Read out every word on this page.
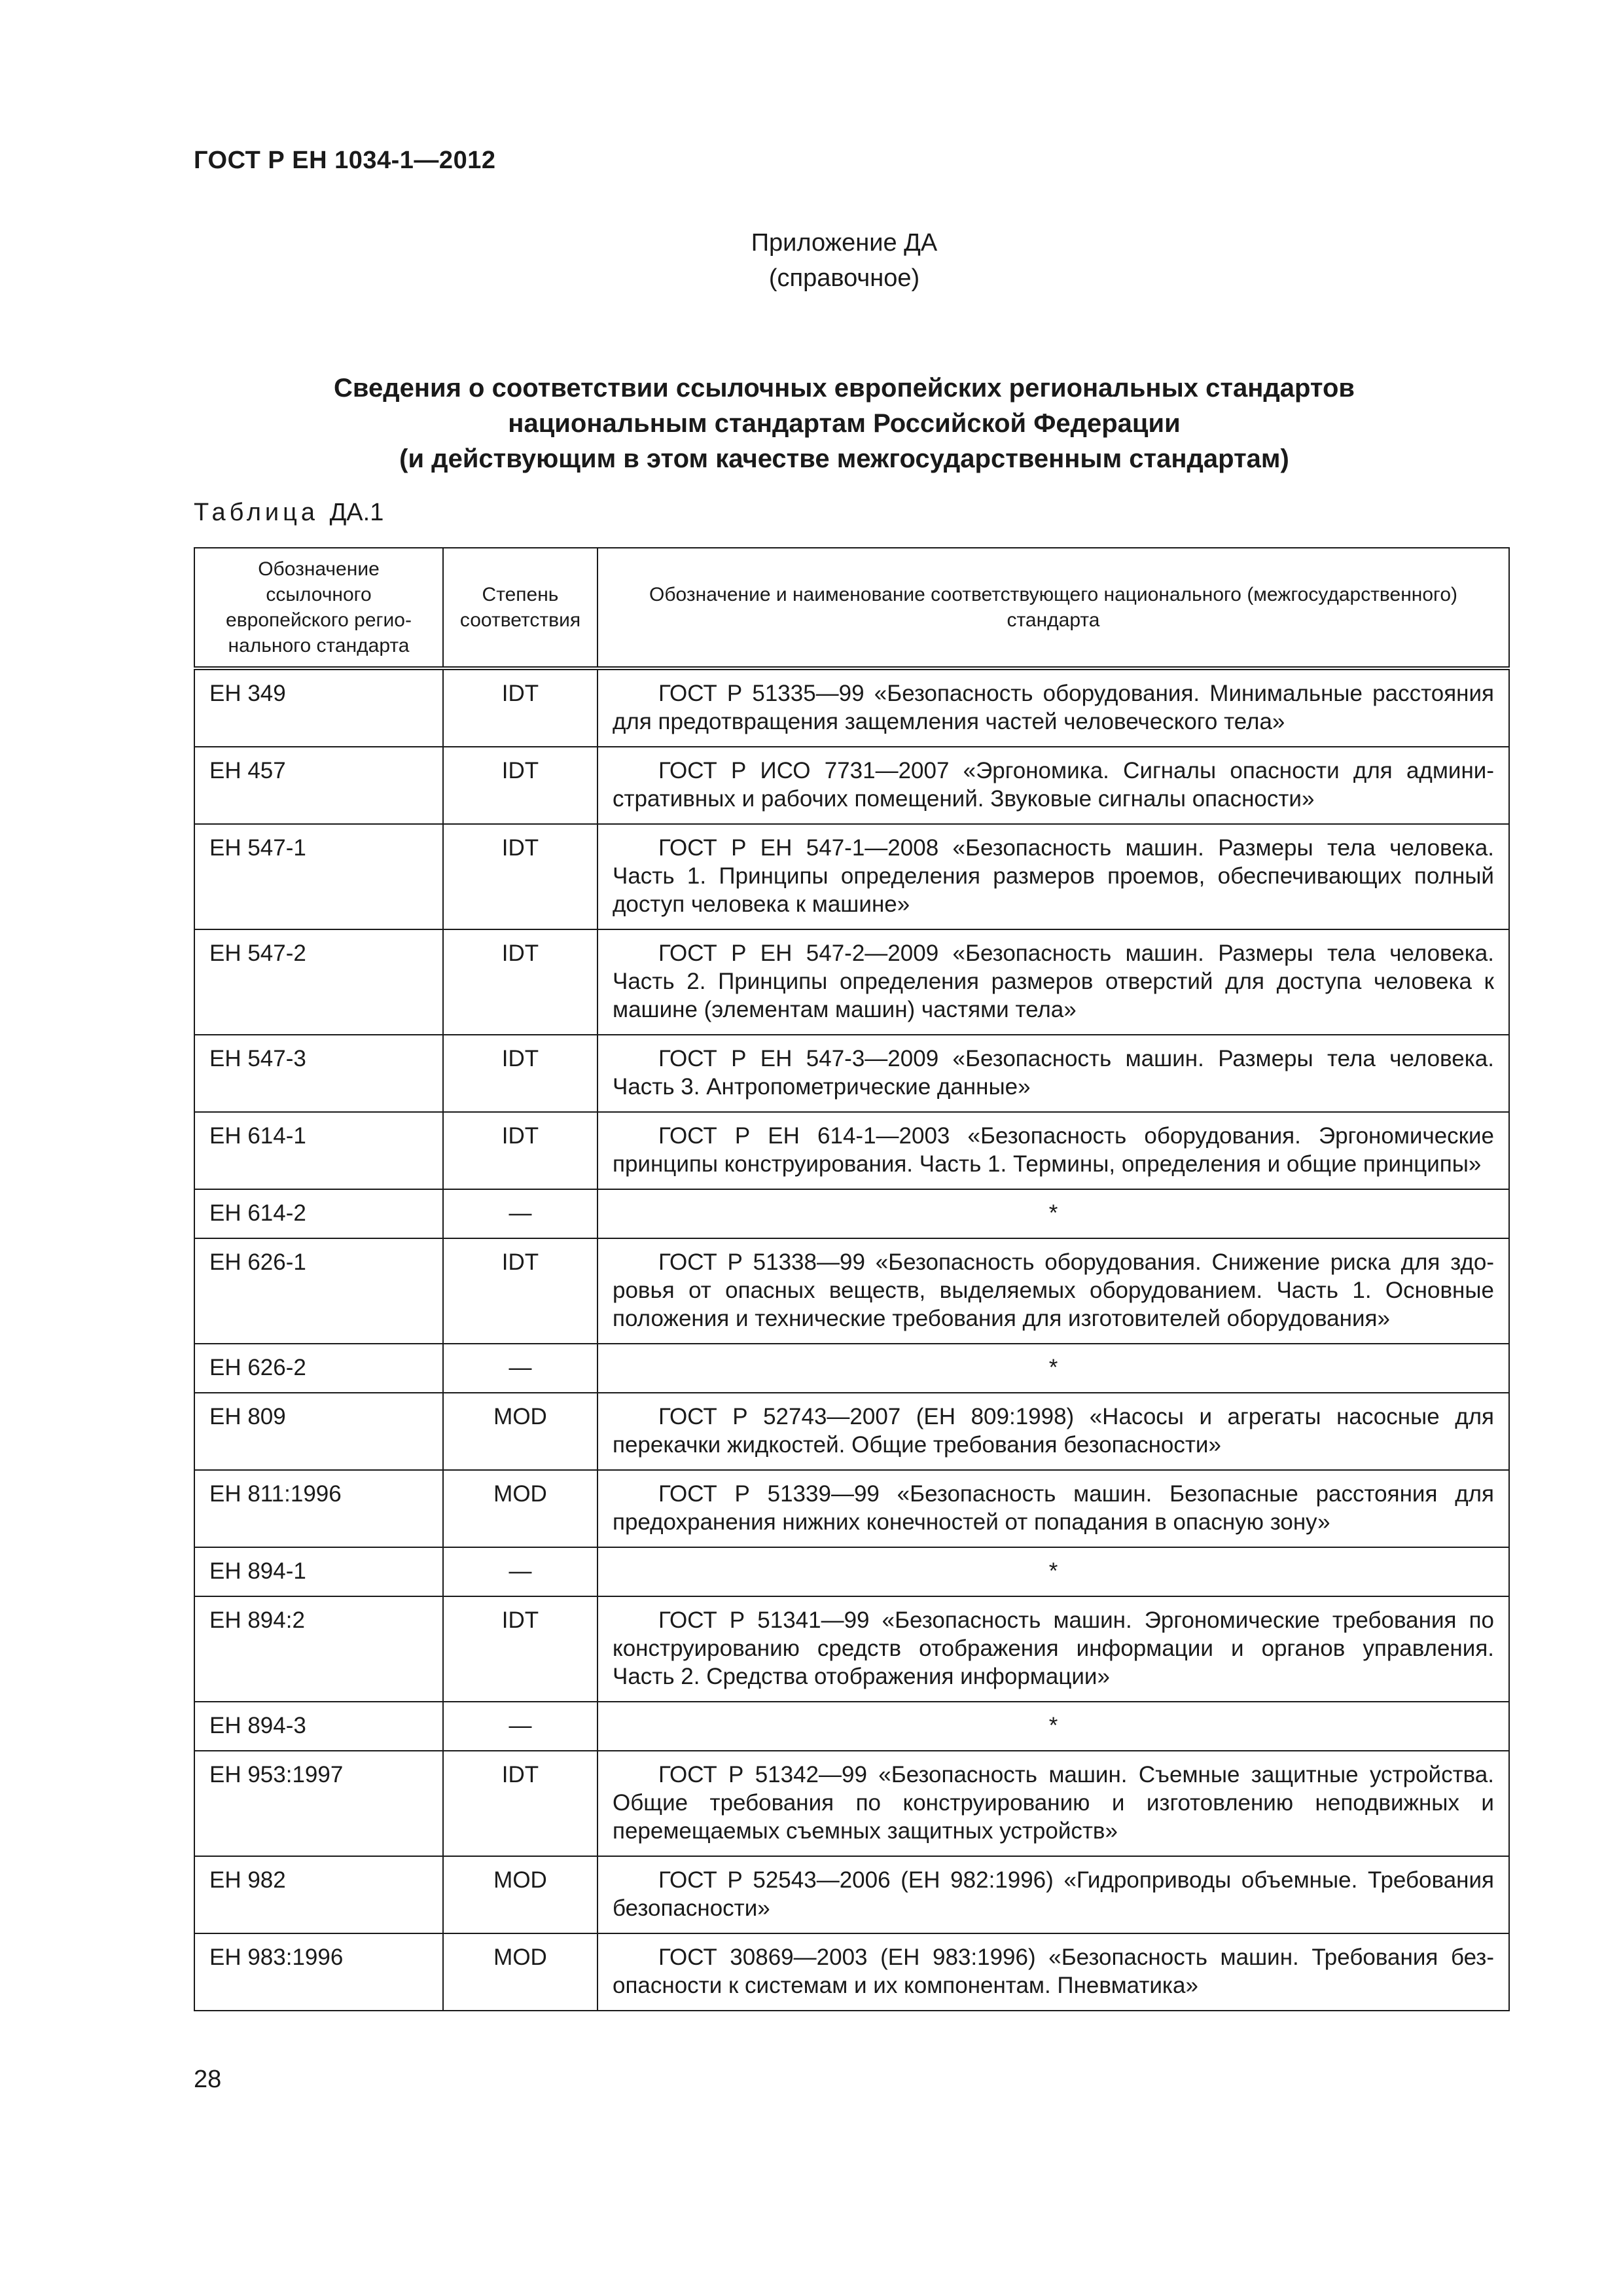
ГОСТ Р ЕН 1034-1—2012
Приложение ДА
(справочное)
Сведения о соответствии ссылочных европейских региональных стандартов
национальным стандартам Российской Федерации
(и действующим в этом качестве межгосударственным стандартам)
Таблица ДА.1
Обозначение ссылочного европейского регионального стандарта	Степень соответствия	Обозначение и наименование соответствующего национального (межгосударственного) стандарта
ЕН 349	IDT	ГОСТ Р 51335—99 «Безопасность оборудования. Минимальные расстояния для предотвращения защемления частей человеческого тела»
ЕН 457	IDT	ГОСТ Р ИСО 7731—2007 «Эргономика. Сигналы опасности для административных и рабочих помещений. Звуковые сигналы опасности»
ЕН 547-1	IDT	ГОСТ Р ЕН 547-1—2008 «Безопасность машин. Размеры тела человека. Часть 1. Принципы определения размеров проемов, обеспечивающих полный доступ человека к машине»
ЕН 547-2	IDT	ГОСТ Р ЕН 547-2—2009 «Безопасность машин. Размеры тела человека. Часть 2. Принципы определения размеров отверстий для доступа человека к машине (элементам машин) частями тела»
ЕН 547-3	IDT	ГОСТ Р ЕН 547-3—2009 «Безопасность машин. Размеры тела человека. Часть 3. Антропометрические данные»
ЕН 614-1	IDT	ГОСТ Р ЕН 614-1—2003 «Безопасность оборудования. Эргономические принципы конструирования. Часть 1. Термины, определения и общие принципы»
ЕН 614-2	—	*
ЕН 626-1	IDT	ГОСТ Р 51338—99 «Безопасность оборудования. Снижение риска для здоровья от опасных веществ, выделяемых оборудованием. Часть 1. Основные положения и технические требования для изготовителей оборудования»
ЕН 626-2	—	*
ЕН 809	MOD	ГОСТ Р 52743—2007 (ЕН 809:1998) «Насосы и агрегаты насосные для перекачки жидкостей. Общие требования безопасности»
ЕН 811:1996	MOD	ГОСТ Р 51339—99 «Безопасность машин. Безопасные расстояния для предохранения нижних конечностей от попадания в опасную зону»
ЕН 894-1	—	*
ЕН 894:2	IDT	ГОСТ Р 51341—99 «Безопасность машин. Эргономические требования по конструированию средств отображения информации и органов управления. Часть 2. Средства отображения информации»
ЕН 894-3	—	*
ЕН 953:1997	IDT	ГОСТ Р 51342—99 «Безопасность машин. Съемные защитные устройства. Общие требования по конструированию и изготовлению неподвижных и перемещаемых съемных защитных устройств»
ЕН 982	MOD	ГОСТ Р 52543—2006 (ЕН 982:1996) «Гидроприводы объемные. Требования безопасности»
ЕН 983:1996	MOD	ГОСТ 30869—2003 (ЕН 983:1996) «Безопасность машин. Требования безопасности к системам и их компонентам. Пневматика»
28
